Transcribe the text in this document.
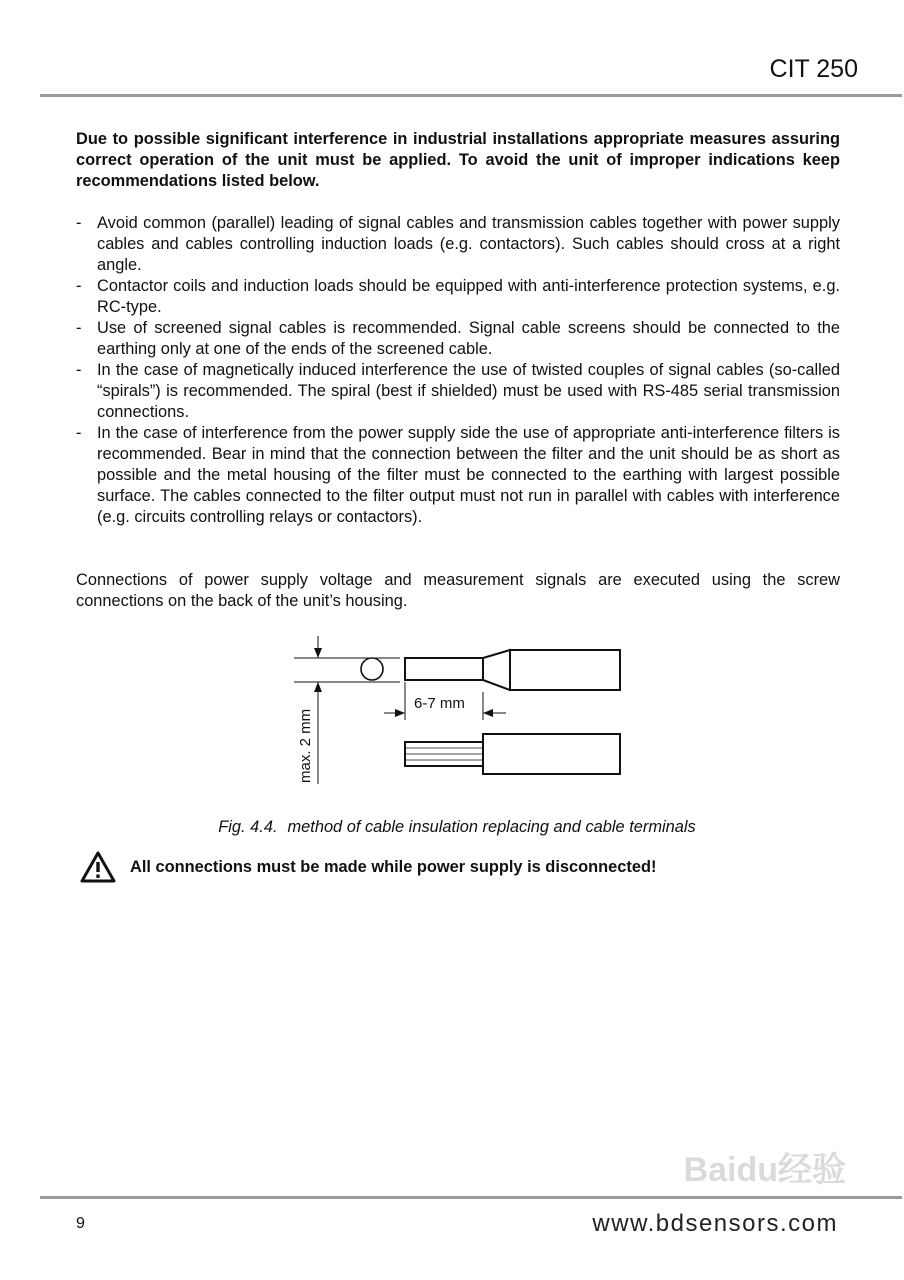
CIT 250

Due to possible significant interference in industrial installations appropriate measures assuring correct operation of the unit must be applied. To avoid the unit of improper indications keep recommendations listed below.

- Avoid common (parallel) leading of signal cables and transmission cables together with power supply cables and cables controlling induction loads (e.g. contactors). Such cables should cross at a right angle.
- Contactor coils and induction loads should be equipped with anti-interference protection systems, e.g. RC-type.
- Use of screened signal cables is recommended. Signal cable screens should be connected to the earthing only at one of the ends of the screened cable.
- In the case of magnetically induced interference the use of twisted couples of signal cables (so-called “spirals”) is recommended. The spiral (best if shielded) must be used with RS-485 serial transmission connections.
- In the case of interference from the power supply side the use of appropriate anti-interference filters is recommended. Bear in mind that the connection between the filter and the unit should be as short as possible and the metal housing of the filter must be connected to the earthing with largest possible surface. The cables connected to the filter output must not run in parallel with cables with interference (e.g. circuits controlling relays or contactors).

Connections of power supply voltage and measurement signals are executed using the screw connections on the back of the unit’s housing.

max. 2 mm
6-7 mm
Fig. 4.4. method of cable insulation replacing and cable terminals
All connections must be made while power supply is disconnected!
Baidu经验
9	www.bdsensors.com
